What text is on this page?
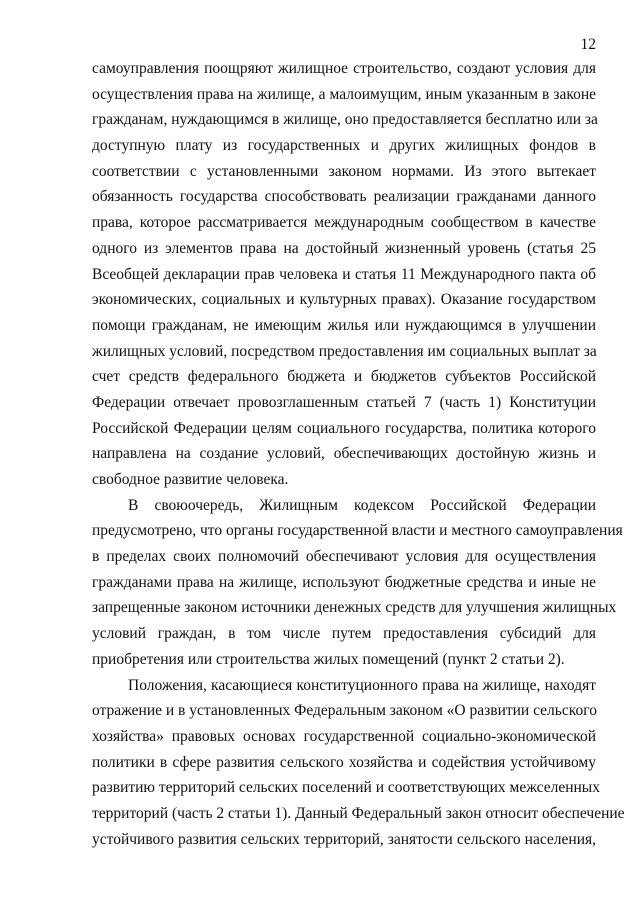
12
самоуправления поощряют жилищное строительство, создают условия для
осуществления права на жилище, а малоимущим, иным указанным в законе
гражданам, нуждающимся в жилище, оно предоставляется бесплатно или за
доступную плату из государственных и других жилищных фондов в
соответствии с установленными законом нормами. Из этого вытекает
обязанность государства способствовать реализации гражданами данного
права, которое рассматривается международным сообществом в качестве
одного из элементов права на достойный жизненный уровень (статья 25
Всеобщей декларации прав человека и статья 11 Международного пакта об
экономических, социальных и культурных правах). Оказание государством
помощи гражданам, не имеющим жилья или нуждающимся в улучшении
жилищных условий, посредством предоставления им социальных выплат за
счет средств федерального бюджета и бюджетов субъектов Российской
Федерации отвечает провозглашенным статьей 7 (часть 1) Конституции
Российской Федерации целям социального государства, политика которого
направлена на создание условий, обеспечивающих достойную жизнь и
свободное развитие человека.
В своюочередь, Жилищным кодексом Российской Федерации
предусмотрено, что органы государственной власти и местного самоуправления
в пределах своих полномочий обеспечивают условия для осуществления
гражданами права на жилище, используют бюджетные средства и иные не
запрещенные законом источники денежных средств для улучшения жилищных
условий граждан, в том числе путем предоставления субсидий для
приобретения или строительства жилых помещений (пункт 2 статьи 2).
Положения, касающиеся конституционного права на жилище, находят
отражение и в установленных Федеральным законом «О развитии сельского
хозяйства» правовых основах государственной социально-экономической
политики в сфере развития сельского хозяйства и содействия устойчивому
развитию территорий сельских поселений и соответствующих межселенных
территорий (часть 2 статьи 1). Данный Федеральный закон относит обеспечение
устойчивого развития сельских территорий, занятости сельского населения,
